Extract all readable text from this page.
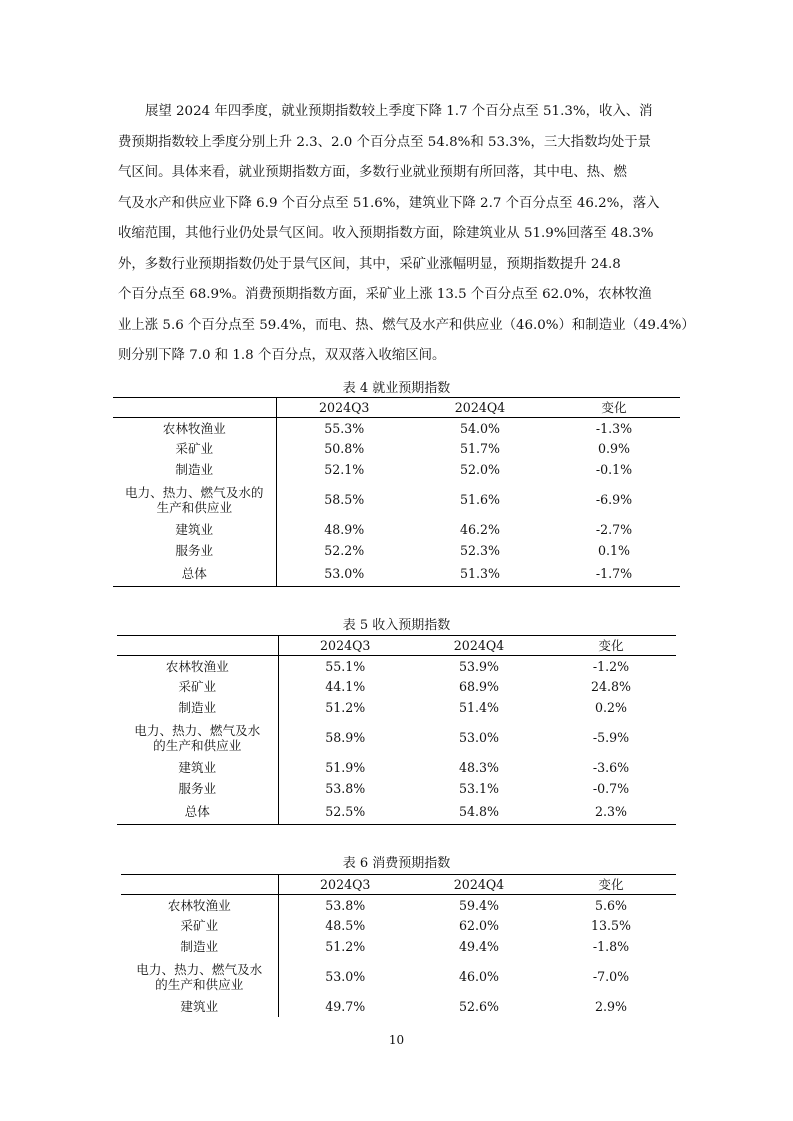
展望 2024 年四季度，就业预期指数较上季度下降 1.7 个百分点至 51.3%，收入、消
费预期指数较上季度分别上升 2.3、2.0 个百分点至 54.8%和 53.3%，三大指数均处于景
气区间。具体来看，就业预期指数方面，多数行业就业预期有所回落，其中电、热、燃
气及水产和供应业下降 6.9 个百分点至 51.6%，建筑业下降 2.7 个百分点至 46.2%，落入
收缩范围，其他行业仍处景气区间。收入预期指数方面，除建筑业从 51.9%回落至 48.3%
外，多数行业预期指数仍处于景气区间，其中，采矿业涨幅明显，预期指数提升 24.8
个百分点至 68.9%。消费预期指数方面，采矿业上涨 13.5 个百分点至 62.0%，农林牧渔
业上涨 5.6 个百分点至 59.4%，而电、热、燃气及水产和供应业（46.0%）和制造业（49.4%）
则分别下降 7.0 和 1.8 个百分点，双双落入收缩区间。
表 4 就业预期指数
	2024Q3	2024Q4	变化
农林牧渔业	55.3%	54.0%	-1.3%
采矿业	50.8%	51.7%	0.9%
制造业	52.1%	52.0%	-0.1%

电力、热力、燃气及水的
生产和供应业	58.5%	51.6%	-6.9%
建筑业	48.9%	46.2%	-2.7%
服务业	52.2%	52.3%	0.1%
总体	53.0%	51.3%	-1.7%
表 5 收入预期指数
	2024Q3	2024Q4	变化
农林牧渔业	55.1%	53.9%	-1.2%
采矿业	44.1%	68.9%	24.8%
制造业	51.2%	51.4%	0.2%

电力、热力、燃气及水
的生产和供应业	58.9%	53.0%	-5.9%
建筑业	51.9%	48.3%	-3.6%
服务业	53.8%	53.1%	-0.7%
总体	52.5%	54.8%	2.3%
表 6 消费预期指数
	2024Q3	2024Q4	变化
农林牧渔业	53.8%	59.4%	5.6%
采矿业	48.5%	62.0%	13.5%
制造业	51.2%	49.4%	-1.8%

电力、热力、燃气及水
的生产和供应业	53.0%	46.0%	-7.0%
建筑业	49.7%	52.6%	2.9%
10
